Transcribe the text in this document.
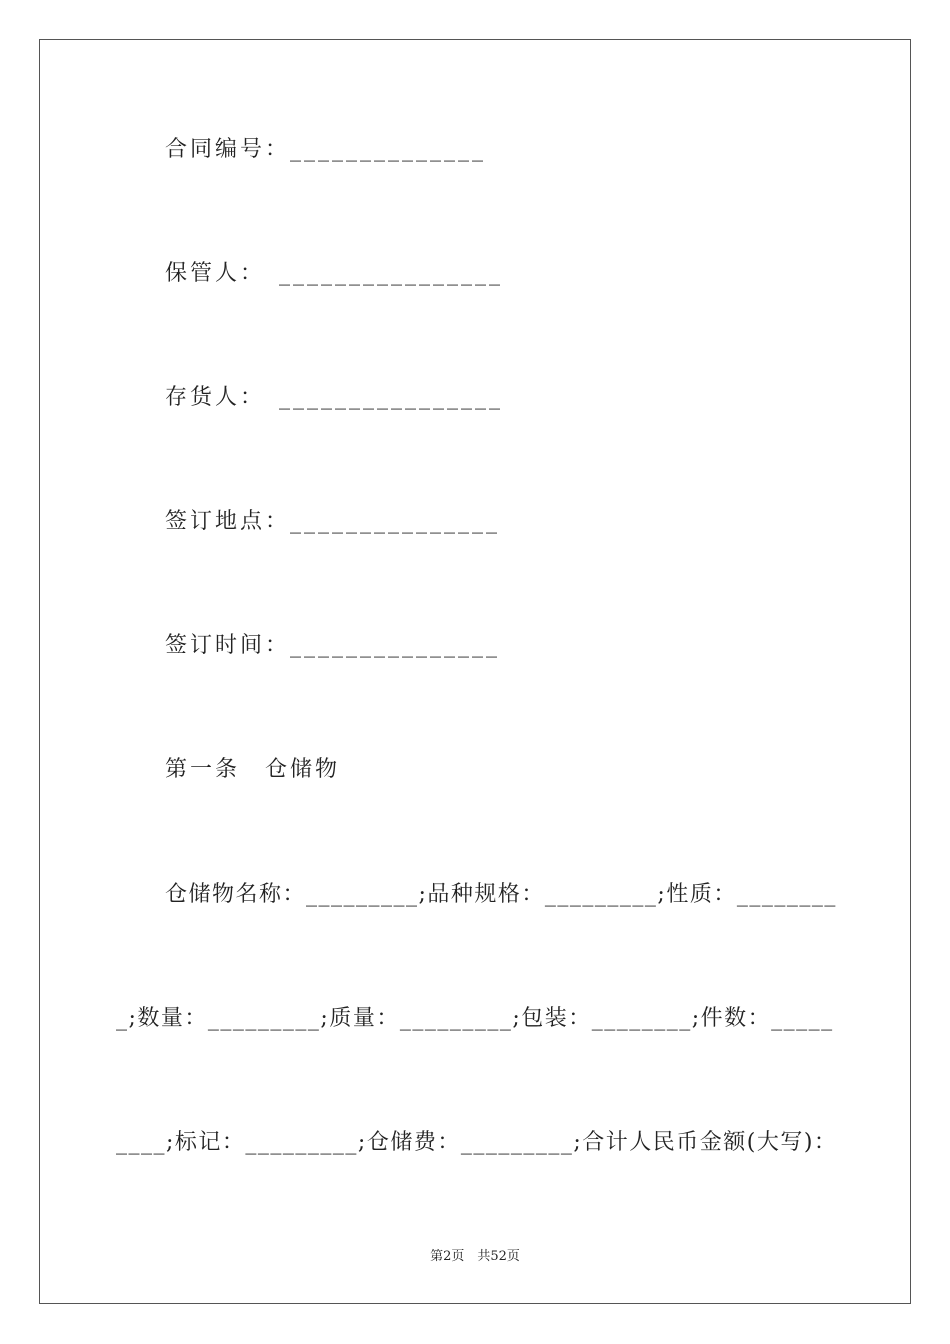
合同编号：______________
保管人：　________________
存货人：　________________
签订地点：_______________
签订时间：_______________
第一条　仓储物
仓储物名称：_________;品种规格：_________;性质：________
_;数量：_________;质量：_________;包装：________;件数：_____
____;标记：_________;仓储费：_________;合计人民币金额(大写)：
第2页　共52页
